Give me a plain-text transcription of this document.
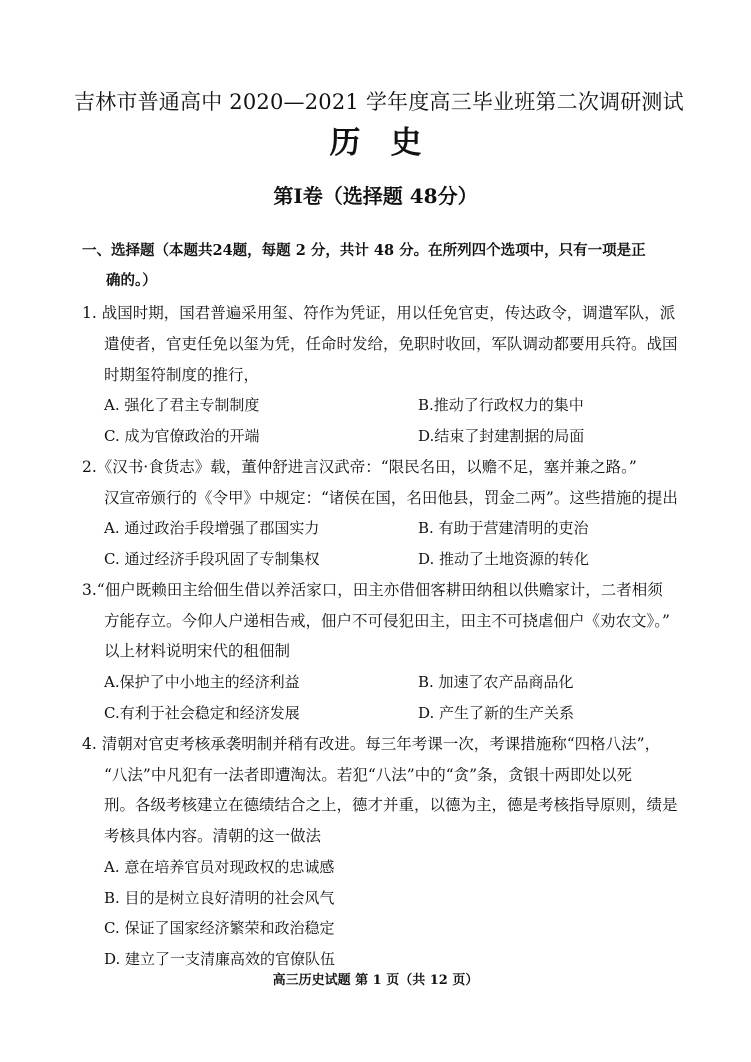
吉林市普通高中 2020—2021 学年度高三毕业班第二次调研测试
历史
第Ⅰ卷（选择题 48分）
一、选择题（本题共24题，每题 2 分，共计 48 分。在所列四个选项中，只有一项是正
确的。）
1. 战国时期，国君普遍采用玺、符作为凭证，用以任免官吏，传达政令，调遣军队，派
遣使者，官吏任免以玺为凭，任命时发给，免职时收回，军队调动都要用兵符。战国
时期玺符制度的推行，
A. 强化了君主专制制度	B.推动了行政权力的集中
C. 成为官僚政治的开端	D.结束了封建割据的局面
2.《汉书·食货志》载，董仲舒进言汉武帝：“限民名田，以赡不足，塞并兼之路。”
汉宣帝颁行的《令甲》中规定：“诸侯在国，名田他县，罚金二两”。这些措施的提出
A. 通过政治手段增强了郡国实力	B. 有助于营建清明的吏治
C. 通过经济手段巩固了专制集权	D. 推动了土地资源的转化
3.“佃户既赖田主给佃生借以养活家口，田主亦借佃客耕田纳租以供赡家计，二者相须
方能存立。今仰人户递相告戒，佃户不可侵犯田主，田主不可挠虐佃户《劝农文》。”
以上材料说明宋代的租佃制
A.保护了中小地主的经济利益	B. 加速了农产品商品化
C.有利于社会稳定和经济发展	D. 产生了新的生产关系
4. 清朝对官吏考核承袭明制并稍有改进。每三年考课一次，考课措施称“四格八法”，
“八法”中凡犯有一法者即遭淘汰。若犯“八法”中的“贪”条，贪银十两即处以死
刑。各级考核建立在德绩结合之上，德才并重，以德为主，德是考核指导原则，绩是
考核具体内容。清朝的这一做法
A. 意在培养官员对现政权的忠诚感
B. 目的是树立良好清明的社会风气
C. 保证了国家经济繁荣和政治稳定
D. 建立了一支清廉高效的官僚队伍
高三历史试题 第 1 页（共 12 页）
